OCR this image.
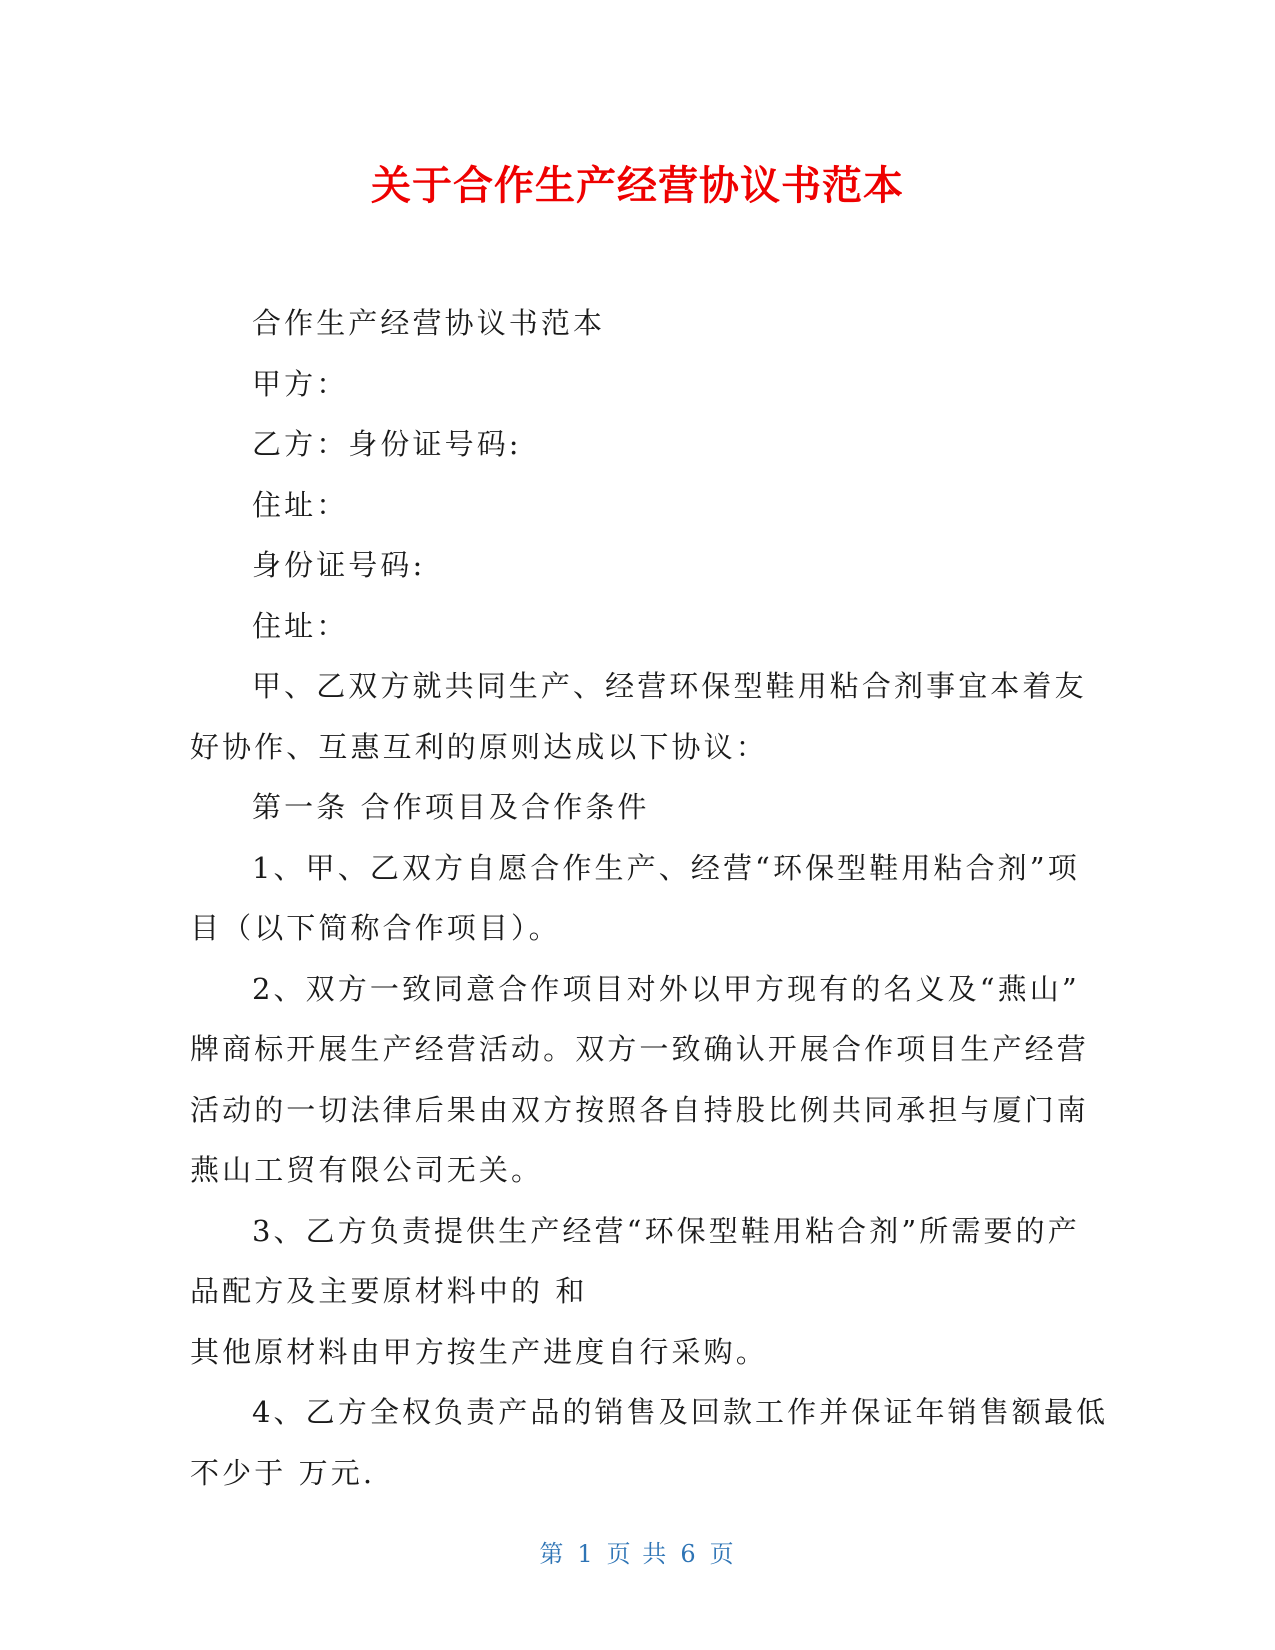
关于合作生产经营协议书范本
合作生产经营协议书范本
甲方：
乙方：身份证号码:
住址：
身份证号码:
住址：
甲、乙双方就共同生产、经营环保型鞋用粘合剂事宜本着友
好协作、互惠互利的原则达成以下协议：
第一条 合作项目及合作条件
1、甲、乙双方自愿合作生产、经营“环保型鞋用粘合剂”项
目（以下简称合作项目）。
2、双方一致同意合作项目对外以甲方现有的名义及“燕山”
牌商标开展生产经营活动。双方一致确认开展合作项目生产经营
活动的一切法律后果由双方按照各自持股比例共同承担与厦门南
燕山工贸有限公司无关。
3、乙方负责提供生产经营“环保型鞋用粘合剂”所需要的产
品配方及主要原材料中的 和
其他原材料由甲方按生产进度自行采购。
4、乙方全权负责产品的销售及回款工作并保证年销售额最低
不少于 万元.
第 1 页 共 6 页
